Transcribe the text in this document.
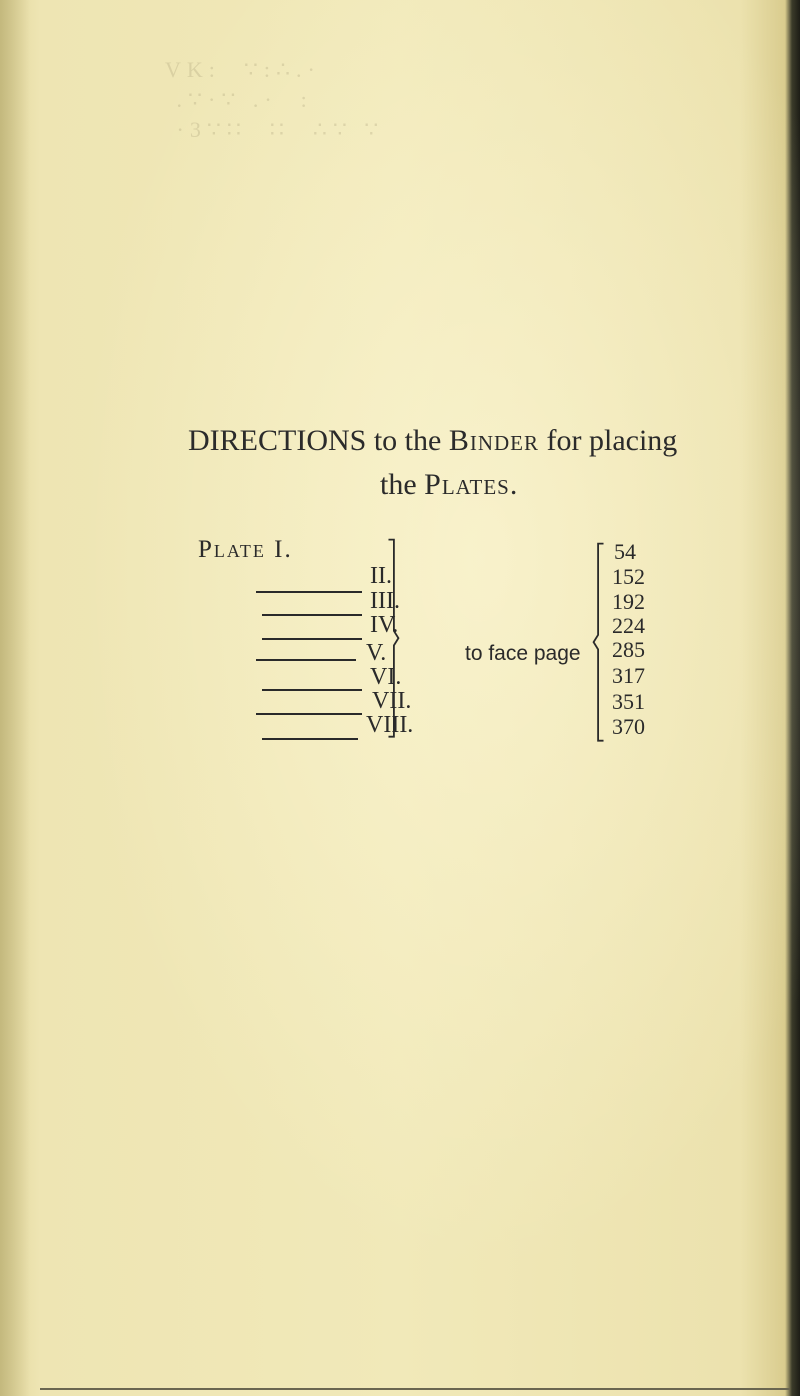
VK:  ∵:∴.·
.∵·∵ .·  :
·3∵∷  ∷  ∴∵ ∵
DIRECTIONS to the Binder for placing
the Plates.
Plate I.
II.
III.
IV.
V.
VI.
VII.
VIII.
to face page
54
152
192
224
285
317
351
370
